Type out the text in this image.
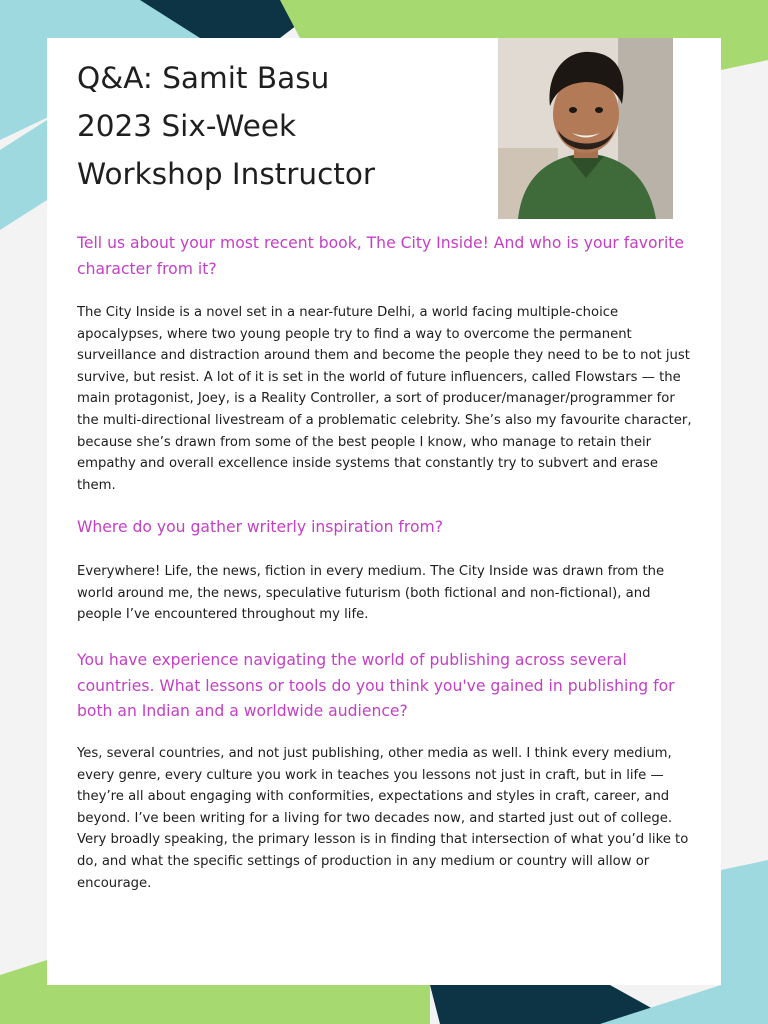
Q&A: Samit Basu
2023 Six-Week
Workshop Instructor
Tell us about your most recent book, The City Inside! And who is your favorite character from it?

The City Inside is a novel set in a near-future Delhi, a world facing multiple-choice apocalypses, where two young people try to find a way to overcome the permanent surveillance and distraction around them and become the people they need to be to not just survive, but resist. A lot of it is set in the world of future influencers, called Flowstars — the main protagonist, Joey, is a Reality Controller, a sort of producer/manager/programmer for the multi-directional livestream of a problematic celebrity. She’s also my favourite character, because she’s drawn from some of the best people I know, who manage to retain their empathy and overall excellence inside systems that constantly try to subvert and erase them.

Where do you gather writerly inspiration from?

Everywhere! Life, the news, fiction in every medium. The City Inside was drawn from the world around me, the news, speculative futurism (both fictional and non-fictional), and people I’ve encountered throughout my life.

You have experience navigating the world of publishing across several countries. What lessons or tools do you think you've gained in publishing for both an Indian and a worldwide audience?

Yes, several countries, and not just publishing, other media as well. I think every medium, every genre, every culture you work in teaches you lessons not just in craft, but in life — they’re all about engaging with conformities, expectations and styles in craft, career, and beyond. I’ve been writing for a living for two decades now, and started just out of college. Very broadly speaking, the primary lesson is in finding that intersection of what you’d like to do, and what the specific settings of production in any medium or country will allow or encourage.
